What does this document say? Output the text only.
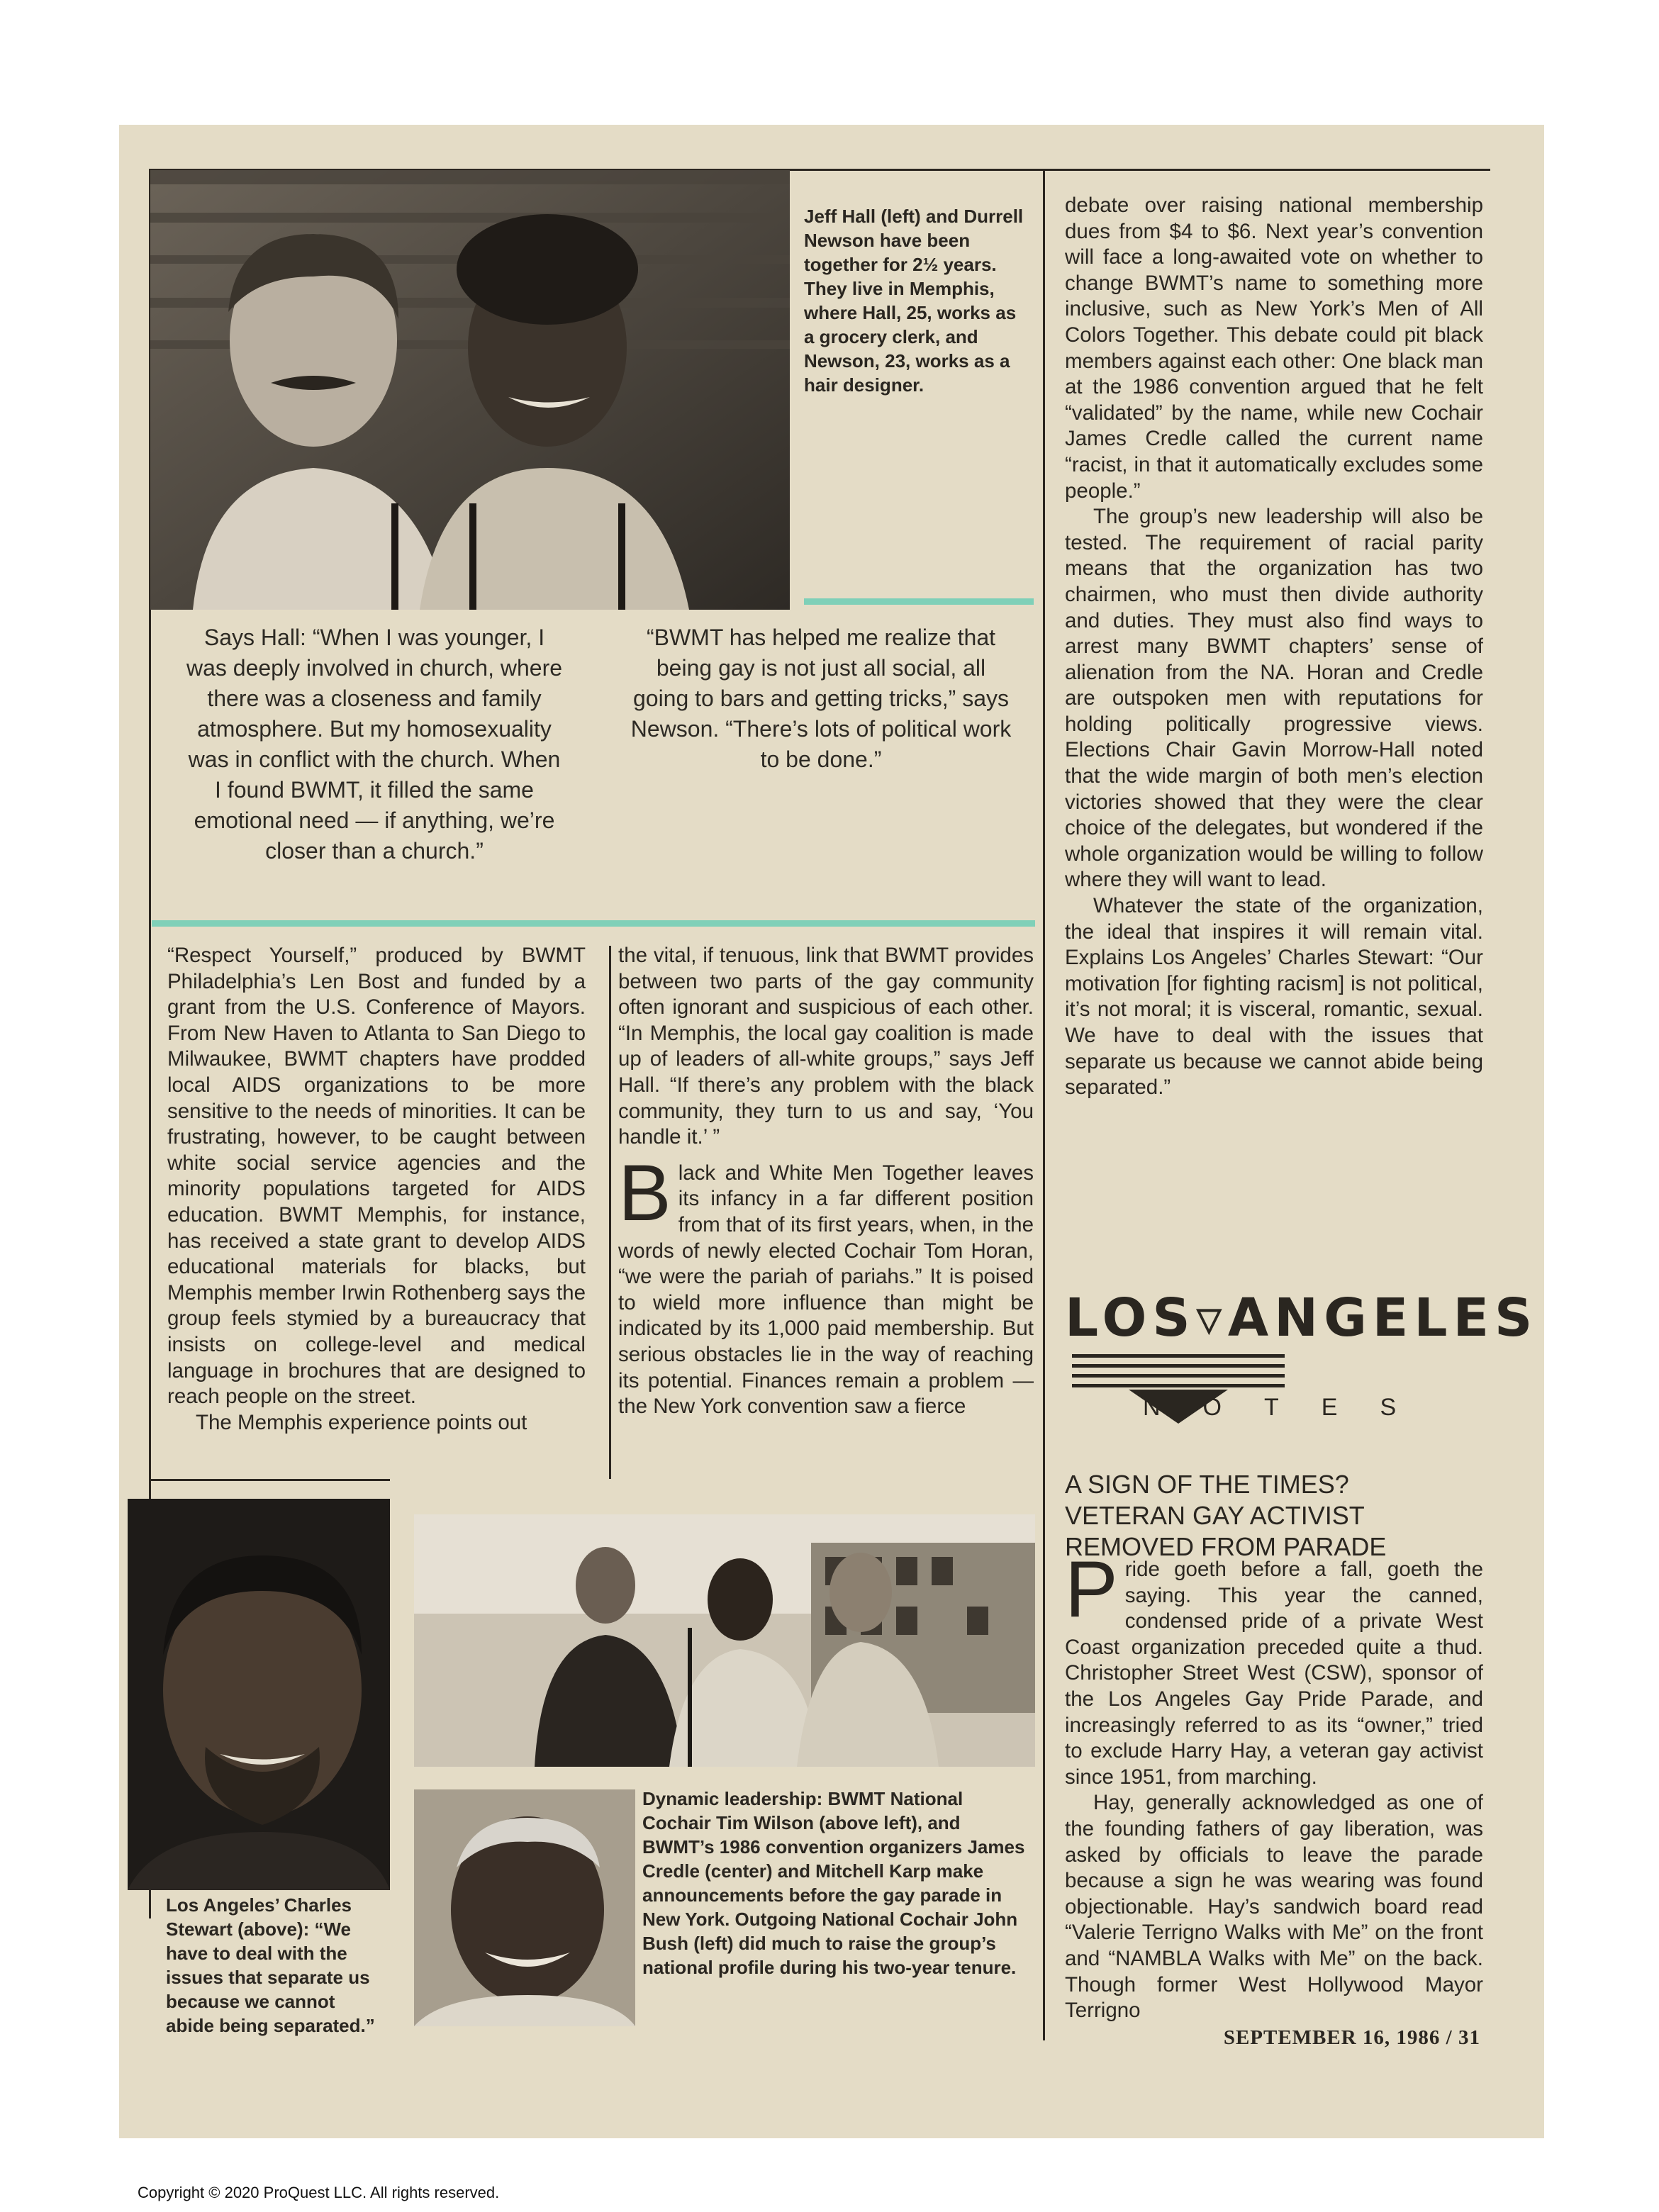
Jeff Hall (left) and Durrell Newson have been together for 2½ years. They live in Memphis, where Hall, 25, works as a grocery clerk, and Newson, 23, works as a hair designer.

Says Hall: “When I was younger, I was deeply involved in church, where there was a closeness and family atmosphere. But my homosexuality was in conflict with the church. When I found BWMT, it filled the same emotional need — if anything, we’re closer than a church.”
“BWMT has helped me realize that being gay is not just all social, all going to bars and getting tricks,” says Newson. “There’s lots of political work to be done.”

debate over raising national membership dues from $4 to $6. Next year’s convention will face a long-awaited vote on whether to change BWMT’s name to something more inclusive, such as New York’s Men of All Colors Together. This debate could pit black members against each other: One black man at the 1986 convention argued that he felt “validated” by the name, while new Cochair James Credle called the current name “racist, in that it automatically excludes some people.”

The group’s new leadership will also be tested. The requirement of racial parity means that the organization has two chairmen, who must then divide authority and duties. They must also find ways to arrest many BWMT chapters’ sense of alienation from the NA. Horan and Credle are outspoken men with reputations for holding politically progressive views. Elections Chair Gavin Morrow-Hall noted that the wide margin of both men’s election victories showed that they were the clear choice of the delegates, but wondered if the whole organization would be willing to follow where they will want to lead.

Whatever the state of the organization, the ideal that inspires it will remain vital. Explains Los Angeles’ Charles Stewart: “Our motivation [for fighting racism] is not political, it’s not moral; it is visceral, romantic, sexual. We have to deal with the issues that separate us because we cannot abide being separated.”

“Respect Yourself,” produced by BWMT Philadelphia’s Len Bost and funded by a grant from the U.S. Conference of Mayors. From New Haven to Atlanta to San Diego to Milwaukee, BWMT chapters have prodded local AIDS organizations to be more sensitive to the needs of minorities. It can be frustrating, however, to be caught between white social service agencies and the minority populations targeted for AIDS education. BWMT Memphis, for instance, has received a state grant to develop AIDS educational materials for blacks, but Memphis member Irwin Rothenberg says the group feels stymied by a bureaucracy that insists on college-level and medical language in brochures that are designed to reach people on the street.

The Memphis experience points out

the vital, if tenuous, link that BWMT provides between two parts of the gay community often ignorant and suspicious of each other. “In Memphis, the local gay coalition is made up of leaders of all-white groups,” says Jeff Hall. “If there’s any problem with the black community, they turn to us and say, ‘You handle it.’ ”

Black and White Men Together leaves its infancy in a far different position from that of its first years, when, in the words of newly elected Cochair Tom Horan, “we were the pariah of pariahs.” It is poised to wield more influence than might be indicated by its 1,000 paid membership. But serious obstacles lie in the way of reaching its potential. Finances remain a problem — the New York convention saw a fierce

LOS▿ANGELES
NOTES
A SIGN OF THE TIMES?
VETERAN GAY ACTIVIST
REMOVED FROM PARADE

Pride goeth before a fall, goeth the saying. This year the canned, condensed pride of a private West Coast organization preceded quite a thud. Christopher Street West (CSW), sponsor of the Los Angeles Gay Pride Parade, and increasingly referred to as its “owner,” tried to exclude Harry Hay, a veteran gay activist since 1951, from marching.

Hay, generally acknowledged as one of the founding fathers of gay liberation, was asked by officials to leave the parade because a sign he was wearing was found objectionable. Hay’s sandwich board read “Valerie Terrigno Walks with Me” on the front and “NAMBLA Walks with Me” on the back. Though former West Hollywood Mayor Terrigno

Los Angeles’ Charles Stewart (above): “We have to deal with the issues that separate us because we cannot abide being separated.”

Dynamic leadership: BWMT National Cochair Tim Wilson (above left), and BWMT’s 1986 convention organizers James Credle (center) and Mitchell Karp make announcements before the gay parade in New York. Outgoing National Cochair John Bush (left) did much to raise the group’s national profile during his two-year tenure.

SEPTEMBER 16, 1986 / 31
Copyright © 2020 ProQuest LLC. All rights reserved.
